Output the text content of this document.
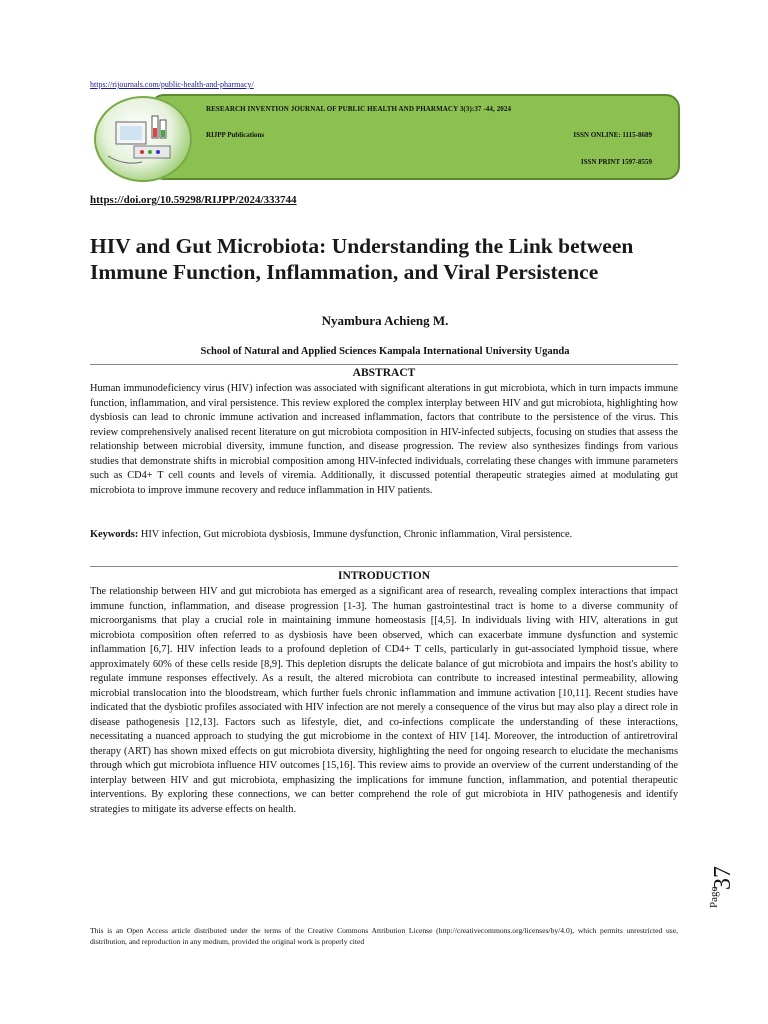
https://rijournals.com/public-health-and-pharmacy/
RESEARCH INVENTION JOURNAL OF PUBLIC HEALTH AND PHARMACY 3(3):37 -44, 2024
RIJPP Publications	ISSN ONLINE: 1115-8689
ISSN PRINT 1597-8559
https://doi.org/10.59298/RIJPP/2024/333744
HIV and Gut Microbiota: Understanding the Link between Immune Function, Inflammation, and Viral Persistence
Nyambura Achieng M.
School of Natural and Applied Sciences Kampala International University Uganda
ABSTRACT
Human immunodeficiency virus (HIV) infection was associated with significant alterations in gut microbiota, which in turn impacts immune function, inflammation, and viral persistence. This review explored the complex interplay between HIV and gut microbiota, highlighting how dysbiosis can lead to chronic immune activation and increased inflammation, factors that contribute to the persistence of the virus. This review comprehensively analised recent literature on gut microbiota composition in HIV-infected subjects, focusing on studies that assess the relationship between microbial diversity, immune function, and disease progression. The review also synthesizes findings from various studies that demonstrate shifts in microbial composition among HIV-infected individuals, correlating these changes with immune parameters such as CD4+ T cell counts and levels of viremia. Additionally, it discussed potential therapeutic strategies aimed at modulating gut microbiota to improve immune recovery and reduce inflammation in HIV patients.
Keywords: HIV infection, Gut microbiota dysbiosis, Immune dysfunction, Chronic inflammation, Viral persistence.
INTRODUCTION
The relationship between HIV and gut microbiota has emerged as a significant area of research, revealing complex interactions that impact immune function, inflammation, and disease progression [1-3]. The human gastrointestinal tract is home to a diverse community of microorganisms that play a crucial role in maintaining immune homeostasis [[4,5]. In individuals living with HIV, alterations in gut microbiota composition often referred to as dysbiosis have been observed, which can exacerbate immune dysfunction and systemic inflammation [6,7]. HIV infection leads to a profound depletion of CD4+ T cells, particularly in gut-associated lymphoid tissue, where approximately 60% of these cells reside [8,9]. This depletion disrupts the delicate balance of gut microbiota and impairs the host's ability to regulate immune responses effectively. As a result, the altered microbiota can contribute to increased intestinal permeability, allowing microbial translocation into the bloodstream, which further fuels chronic inflammation and immune activation [10,11]. Recent studies have indicated that the dysbiotic profiles associated with HIV infection are not merely a consequence of the virus but may also play a direct role in disease pathogenesis [12,13]. Factors such as lifestyle, diet, and co-infections complicate the understanding of these interactions, necessitating a nuanced approach to studying the gut microbiome in the context of HIV [14]. Moreover, the introduction of antiretroviral therapy (ART) has shown mixed effects on gut microbiota diversity, highlighting the need for ongoing research to elucidate the mechanisms through which gut microbiota influence HIV outcomes [15,16]. This review aims to provide an overview of the current understanding of the interplay between HIV and gut microbiota, emphasizing the implications for immune function, inflammation, and potential therapeutic interventions. By exploring these connections, we can better comprehend the role of gut microbiota in HIV pathogenesis and identify strategies to mitigate its adverse effects on health.
This is an Open Access article distributed under the terms of the Creative Commons Attribution License (http://creativecommons.org/licenses/by/4.0), which permits unrestricted use, distribution, and reproduction in any medium, provided the original work is properly cited
Page
37
